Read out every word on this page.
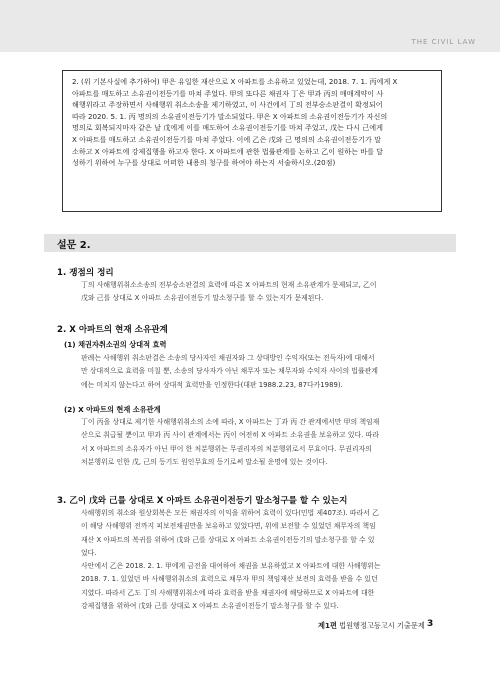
THE CIVIL LAW
2. (위 기본사실에 추가하여) 甲은 유일한 재산으로 X 아파트를 소유하고 있었는데, 2018. 7. 1. 丙에게 X
아파트를 매도하고 소유권이전등기를 마쳐 주었다. 甲의 또다른 채권자 丁은 甲과 丙의 매매계약이 사
해행위라고 주장하면서 사해행위 취소소송을 제기하였고, 이 사건에서 丁의 전부승소판결이 확정되어
따라 2020. 5. 1. 丙 명의의 소유권이전등기가 말소되었다. 甲은 X 아파트의 소유권이전등기가 자신의
명의로 회복되지마자 같은 날 戊에게 이를 매도하여 소유권이전등기를 마쳐 주었고, 戊는 다시 己에게
X 아파트를 매도하고 소유권이전등기를 마쳐 주었다. 이에 乙은 戊와 己 명의의 소유권이전등기가 말
소하고 X 아파트에 강제집행을 하고자 한다. X 아파트에 관한 법률관계를 논하고 乙이 원하는 바를 달
성하기 위하여 누구를 상대로 어떠한 내용의 청구를 하여야 하는지 서술하시오.(20점)
설문 2.
1. 쟁점의 정리
丁의 사해행위취소소송의 전부승소판결의 효력에 따른 X 아파트의 현재 소유관계가 문제되고, 乙이
戊와 己를 상대로 X 아파트 소유권이전등기 말소청구를 할 수 있는지가 문제된다.
2. X 아파트의 현재 소유관계
(1) 채권자취소권의 상대적 효력
판례는 사해행위 취소판결은 소송의 당사자인 채권자와 그 상대방인 수익자(또는 전득자)에 대해서
만 상대적으로 효력을 미칠 뿐, 소송의 당사자가 아닌 채무자 또는 채무자와 수익자 사이의 법률관계
에는 미치지 않는다고 하여 상대적 효력만을 인정한다(대판 1988.2.23, 87다카1989).
(2) X 아파트의 현재 소유관계
丁이 丙을 상대로 제기한 사해행위취소의 소에 따라, X 아파트는 丁과 丙 간 관계에서만 甲의 책임재
산으로 취급될 뿐이고 甲과 丙 사이 관계에서는 丙이 여전히 X 아파트 소유권을 보유하고 있다. 따라
서 X 아파트의 소유자가 아닌 甲이 한 처분행위는 무권리자의 처분행위로서 무효이다. 무권리자의
처분행위로 인한 戊, 己의 등기도 원인무효의 등기로써 말소될 운명에 있는 것이다.
3. 乙이 戊와 己를 상대로 X 아파트 소유권이전등기 말소청구를 할 수 있는지
사해행위의 취소와 원상회복은 모든 채권자의 이익을 위하여 효력이 있다(민법 제407조). 따라서 乙
이 해당 사해행위 전까지 피보전채권만을 보유하고 있었다면, 위에 보전할 수 있었던 채무자의 책임
재산 X 아파트의 복귀를 위하여 戊와 己를 상대로 X 아파트 소유권이전등기의 말소청구를 할 수 있
었다.
사안에서 乙은 2018. 2. 1. 甲에게 금전을 대여하여 채권을 보유하였고 X 아파트에 대한 사해행위는
2018. 7. 1. 있었던 바 사해행위취소의 효력으로 채무자 甲의 책임재산 보전의 효력을 받을 수 있던
지였다. 따라서 乙도 丁의 사해행위취소에 따라 효력을 받을 채권자에 해당하므로 X 아파트에 대한
강제집행을 위하여 戊와 己를 상대로 X 아파트 소유권이전등기 말소청구를 할 수 있다.
제1편 법원행정고등고시 기출문제 3
